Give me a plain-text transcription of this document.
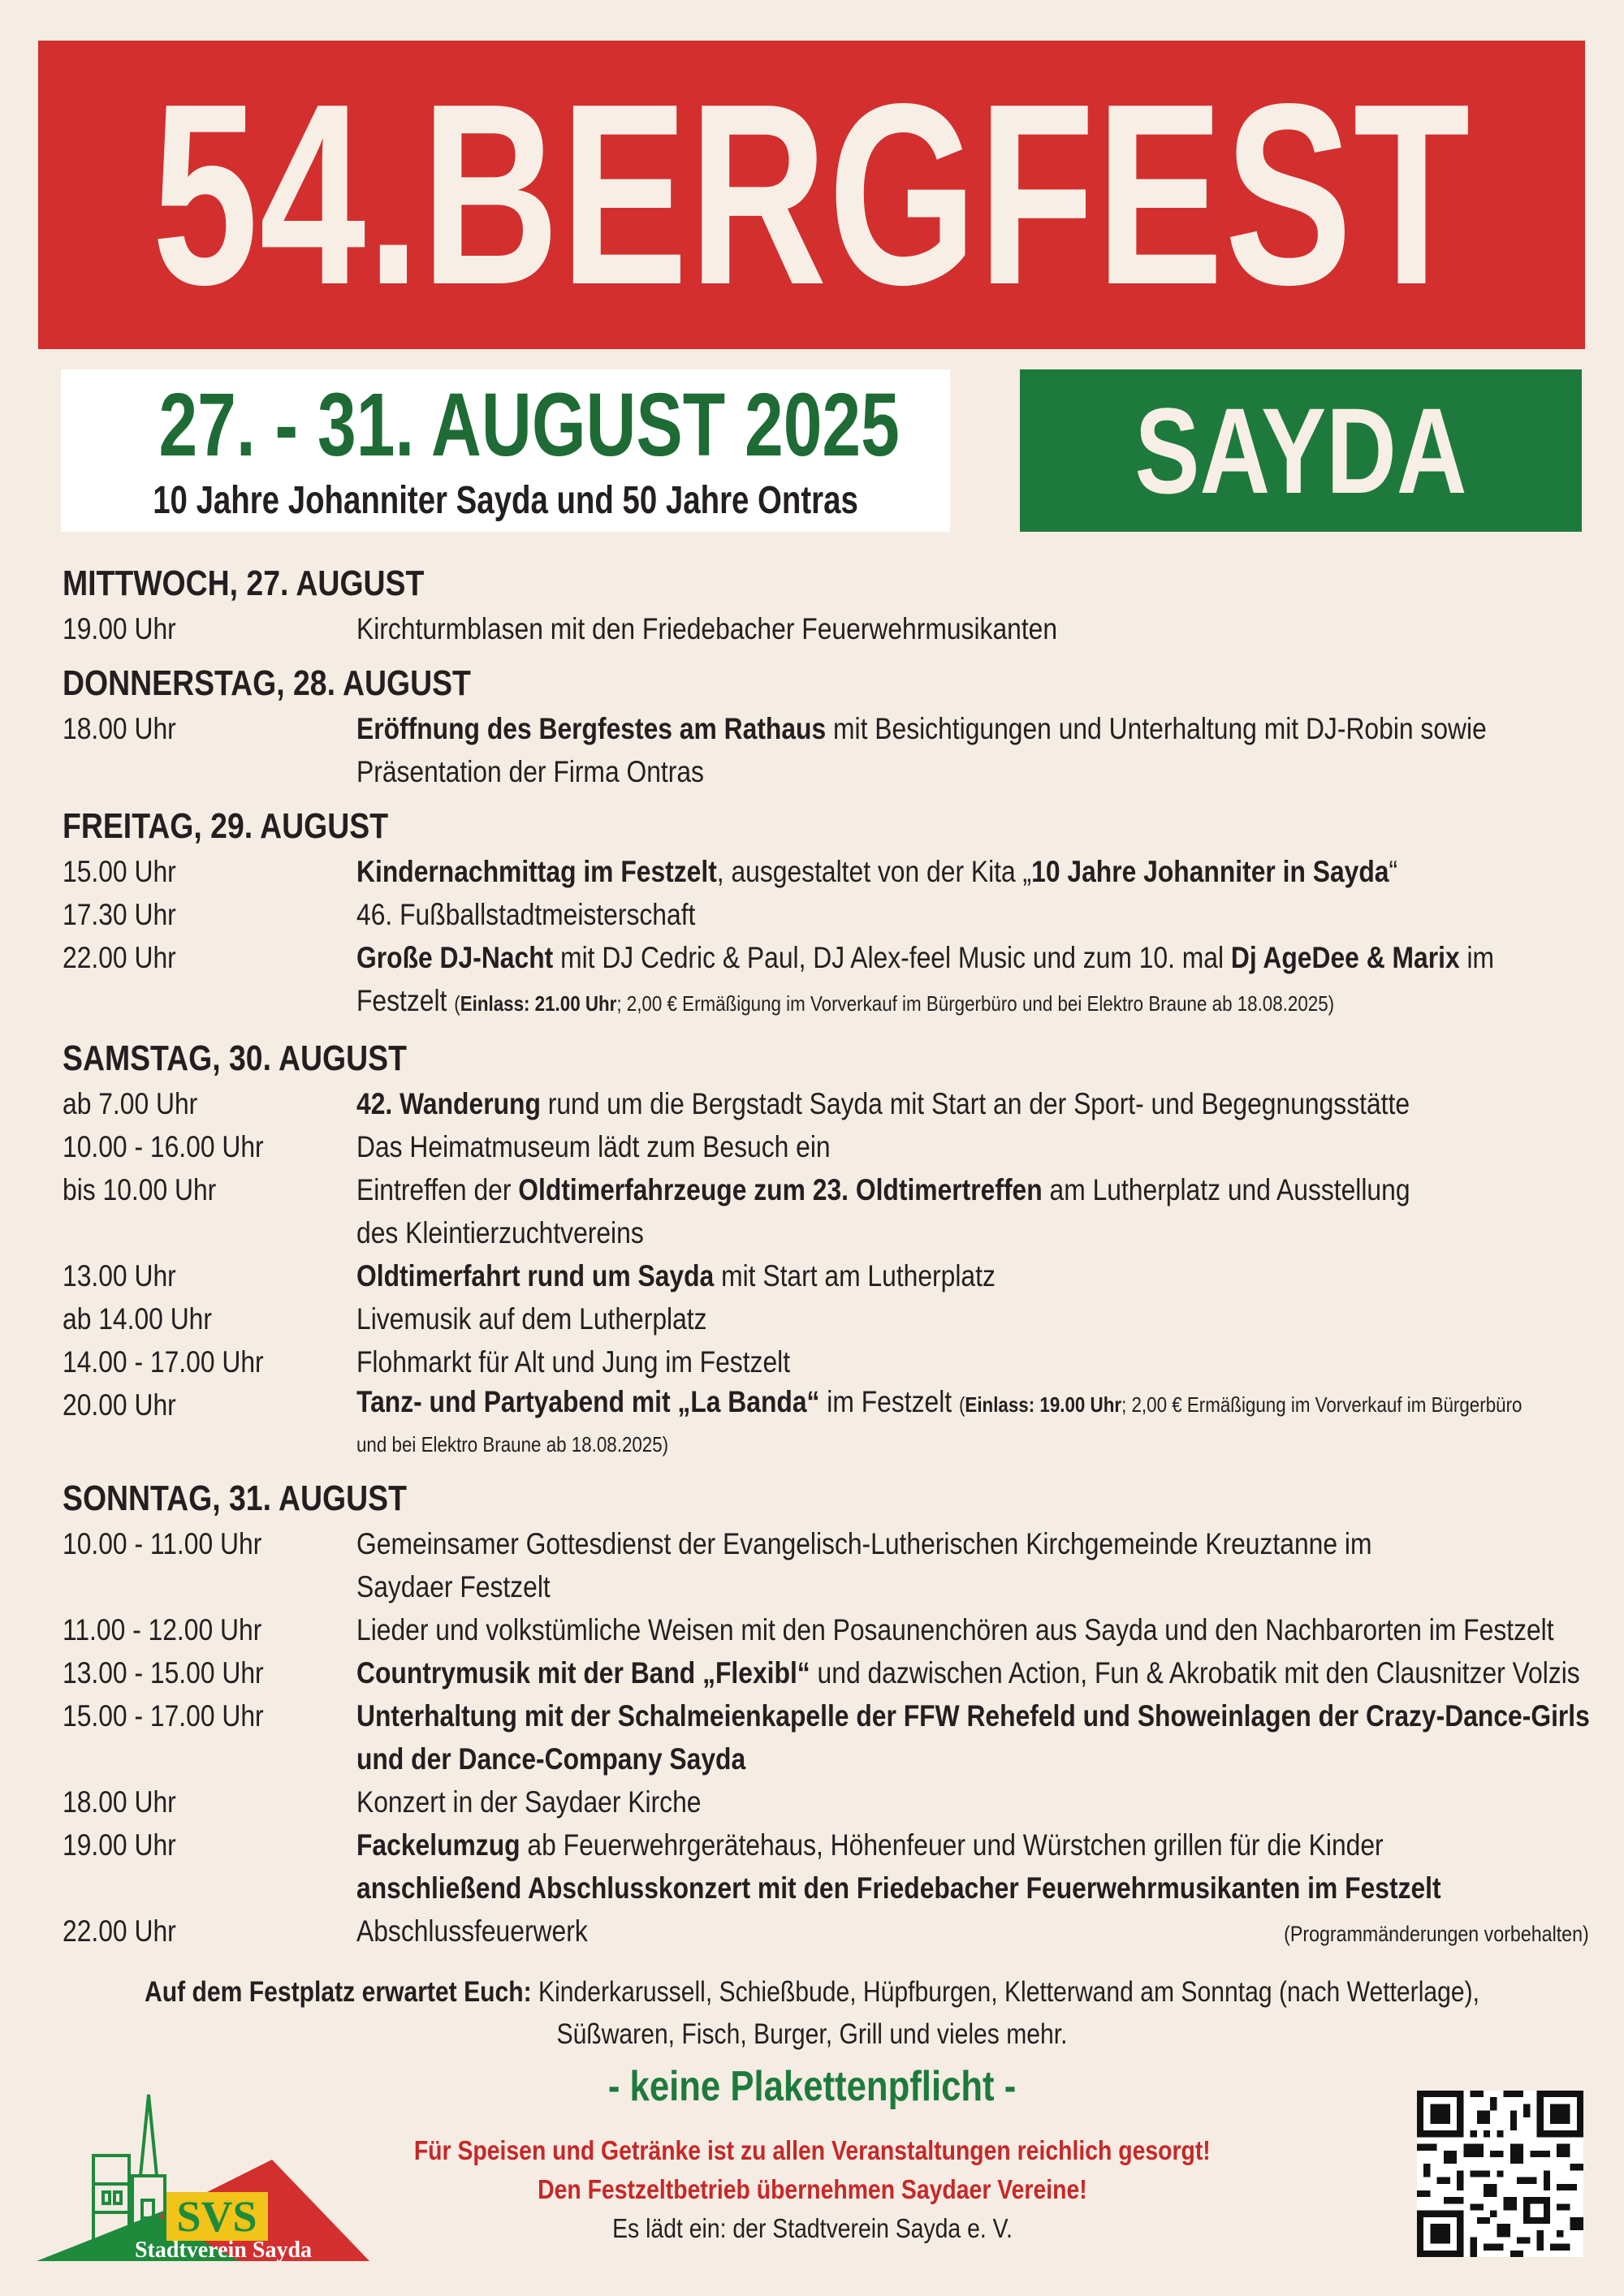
54.BERGFEST
27. - 31. AUGUST 2025
10 Jahre Johanniter Sayda und 50 Jahre Ontras	SAYDA
MITTWOCH, 27. AUGUST
19.00 Uhr	Kirchturmblasen mit den Friedebacher Feuerwehrmusikanten
DONNERSTAG, 28. AUGUST
18.00 Uhr	Eröffnung des Bergfestes am Rathaus mit Besichtigungen und Unterhaltung mit DJ-Robin sowie
Präsentation der Firma Ontras
FREITAG, 29. AUGUST
15.00 Uhr	Kindernachmittag im Festzelt, ausgestaltet von der Kita „10 Jahre Johanniter in Sayda“
17.30 Uhr	46. Fußballstadtmeisterschaft
22.00 Uhr	Große DJ-Nacht mit DJ Cedric & Paul, DJ Alex-feel Music und zum 10. mal Dj AgeDee & Marix im
Festzelt (Einlass: 21.00 Uhr; 2,00 € Ermäßigung im Vorverkauf im Bürgerbüro und bei Elektro Braune ab 18.08.2025)
SAMSTAG, 30. AUGUST
ab 7.00 Uhr	42. Wanderung rund um die Bergstadt Sayda mit Start an der Sport- und Begegnungsstätte
10.00 - 16.00 Uhr	Das Heimatmuseum lädt zum Besuch ein
bis 10.00 Uhr	Eintreffen der Oldtimerfahrzeuge zum 23. Oldtimertreffen am Lutherplatz und Ausstellung
des Kleintierzuchtvereins
13.00 Uhr	Oldtimerfahrt rund um Sayda mit Start am Lutherplatz
ab 14.00 Uhr	Livemusik auf dem Lutherplatz
14.00 - 17.00 Uhr	Flohmarkt für Alt und Jung im Festzelt
20.00 Uhr	Tanz- und Partyabend mit „La Banda“ im Festzelt (Einlass: 19.00 Uhr; 2,00 € Ermäßigung im Vorverkauf im Bürgerbüro
und bei Elektro Braune ab 18.08.2025)
SONNTAG, 31. AUGUST
10.00 - 11.00 Uhr	Gemeinsamer Gottesdienst der Evangelisch-Lutherischen Kirchgemeinde Kreuztanne im
Saydaer Festzelt
11.00 - 12.00 Uhr	Lieder und volkstümliche Weisen mit den Posaunenchören aus Sayda und den Nachbarorten im Festzelt
13.00 - 15.00 Uhr	Countrymusik mit der Band „Flexibl“ und dazwischen Action, Fun & Akrobatik mit den Clausnitzer Volzis
15.00 - 17.00 Uhr	Unterhaltung mit der Schalmeienkapelle der FFW Rehefeld und Showeinlagen der Crazy-Dance-Girls
und der Dance-Company Sayda
18.00 Uhr	Konzert in der Saydaer Kirche
19.00 Uhr	Fackelumzug ab Feuerwehrgerätehaus, Höhenfeuer und Würstchen grillen für die Kinder
anschließend Abschlusskonzert mit den Friedebacher Feuerwehrmusikanten im Festzelt
22.00 Uhr	Abschlussfeuerwerk	(Programmänderungen vorbehalten)
Auf dem Festplatz erwartet Euch: Kinderkarussell, Schießbude, Hüpfburgen, Kletterwand am Sonntag (nach Wetterlage),
Süßwaren, Fisch, Burger, Grill und vieles mehr.
- keine Plakettenpflicht -
Für Speisen und Getränke ist zu allen Veranstaltungen reichlich gesorgt!
Den Festzeltbetrieb übernehmen Saydaer Vereine!
Es lädt ein: der Stadtverein Sayda e. V.
SVS
Stadtverein Sayda
